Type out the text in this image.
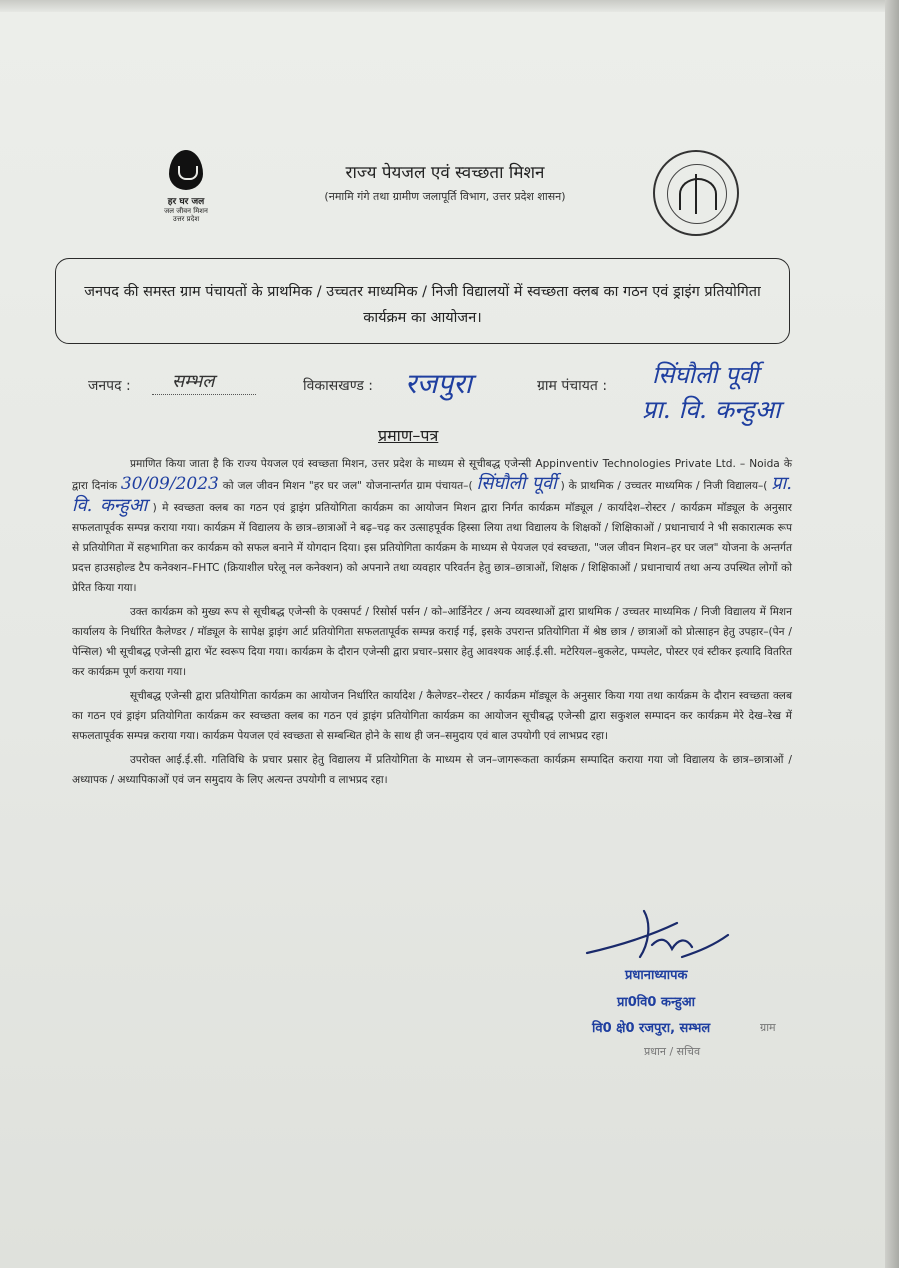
हर घर जल
जल जीवन मिशन
उत्तर प्रदेश
राज्य पेयजल एवं स्वच्छता मिशन
(नमामि गंगे तथा ग्रामीण जलापूर्ति विभाग, उत्तर प्रदेश शासन)
जनपद की समस्त ग्राम पंचायतों के प्राथमिक / उच्चतर माध्यमिक / निजी विद्यालयों में स्वच्छता क्लब का गठन एवं ड्राइंग प्रतियोगिता कार्यक्रम का आयोजन।
जनपद : सम्भल	विकासखण्ड : रजपुरा	ग्राम पंचायत : सिंघौली पूर्वी
प्रा. वि. कन्हुआ
प्रमाण–पत्र

प्रमाणित किया जाता है कि राज्य पेयजल एवं स्वच्छता मिशन, उत्तर प्रदेश के माध्यम से सूचीबद्ध एजेन्सी Appinventiv Technologies Private Ltd. – Noida के द्वारा दिनांक 30/09/2023 को जल जीवन मिशन "हर घर जल" योजनान्तर्गत ग्राम पंचायत–( सिंघौली पूर्वी ) के प्राथमिक / उच्चतर माध्यमिक / निजी विद्यालय–( प्रा. वि. कन्हुआ ) मे स्वच्छता क्लब का गठन एवं ड्राइंग प्रतियोगिता कार्यक्रम का आयोजन मिशन द्वारा निर्गत कार्यक्रम मॉड्यूल / कार्यादेश–रोस्टर / कार्यक्रम मॉड्यूल के अनुसार सफलतापूर्वक सम्पन्न कराया गया। कार्यक्रम में विद्यालय के छात्र–छात्राओं ने बढ़–चढ़ कर उत्साहपूर्वक हिस्सा लिया तथा विद्यालय के शिक्षकों / शिक्षिकाओं / प्रधानाचार्य ने भी सकारात्मक रूप से प्रतियोगिता में सहभागिता कर कार्यक्रम को सफल बनाने में योगदान दिया। इस प्रतियोगिता कार्यक्रम के माध्यम से पेयजल एवं स्वच्छता, "जल जीवन मिशन–हर घर जल" योजना के अन्तर्गत प्रदत्त हाउसहोल्ड टैप कनेक्शन–FHTC (क्रियाशील घरेलू नल कनेक्शन) को अपनाने तथा व्यवहार परिवर्तन हेतु छात्र–छात्राओं, शिक्षक / शिक्षिकाओं / प्रधानाचार्य तथा अन्य उपस्थित लोगों को प्रेरित किया गया।

उक्त कार्यक्रम को मुख्य रूप से सूचीबद्ध एजेन्सी के एक्सपर्ट / रिसोर्स पर्सन / को–आर्डिनेटर / अन्य व्यवस्थाओं द्वारा प्राथमिक / उच्चतर माध्यमिक / निजी विद्यालय में मिशन कार्यालय के निर्धारित कैलेण्डर / मॉड्यूल के सापेक्ष ड्राइंग आर्ट प्रतियोगिता सफलतापूर्वक सम्पन्न कराई गई, इसके उपरान्त प्रतियोगिता में श्रेष्ठ छात्र / छात्राओं को प्रोत्साहन हेतु उपहार–(पेन / पेन्सिल) भी सूचीबद्ध एजेन्सी द्वारा भेंट स्वरूप दिया गया। कार्यक्रम के दौरान एजेन्सी द्वारा प्रचार–प्रसार हेतु आवश्यक आई.ई.सी. मटेरियल–बुकलेट, पम्पलेट, पोस्टर एवं स्टीकर इत्यादि वितरित कर कार्यक्रम पूर्ण कराया गया।

सूचीबद्ध एजेन्सी द्वारा प्रतियोगिता कार्यक्रम का आयोजन निर्धारित कार्यादेश / कैलेण्डर–रोस्टर / कार्यक्रम मॉड्यूल के अनुसार किया गया तथा कार्यक्रम के दौरान स्वच्छता क्लब का गठन एवं ड्राइंग प्रतियोगिता कार्यक्रम कर स्वच्छता क्लब का गठन एवं ड्राइंग प्रतियोगिता कार्यक्रम का आयोजन सूचीबद्ध एजेन्सी द्वारा सकुशल सम्पादन कर कार्यक्रम मेरे देख–रेख में सफलतापूर्वक सम्पन्न कराया गया। कार्यक्रम पेयजल एवं स्वच्छता से सम्बन्धित होने के साथ ही जन–समुदाय एवं बाल उपयोगी एवं लाभप्रद रहा।

उपरोक्त आई.ई.सी. गतिविधि के प्रचार प्रसार हेतु विद्यालय में प्रतियोगिता के माध्यम से जन–जागरूकता कार्यक्रम सम्पादित कराया गया जो विद्यालय के छात्र–छात्राओं / अध्यापक / अध्यापिकाओं एवं जन समुदाय के लिए अत्यन्त उपयोगी व लाभप्रद रहा।

प्रधानाध्यापक
प्रा0वि0 कन्हुआ
ग्राम
वि0 क्षे0 रजपुरा, सम्भल
प्रधान / सचिव
